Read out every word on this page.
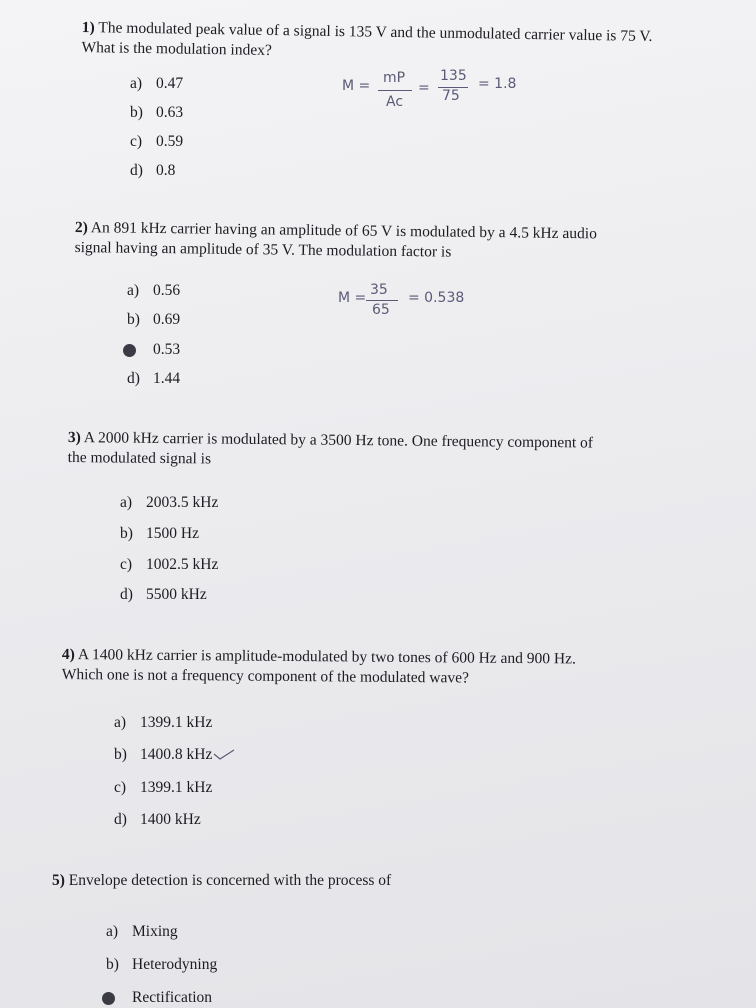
1) The modulated peak value of a signal is 135 V and the unmodulated carrier value is 75 V.
What is the modulation index?
a) 0.47
b) 0.63
c) 0.59
d) 0.8
M = mP
Ac
=
135
75
= 1.8
2) An 891 kHz carrier having an amplitude of 65 V is modulated by a 4.5 kHz audio
signal having an amplitude of 35 V. The modulation factor is
a) 0.56
b) 0.69
0.53
d) 1.44
M = 35
65
= 0.538
3) A 2000 kHz carrier is modulated by a 3500 Hz tone. One frequency component of
the modulated signal is
a) 2003.5 kHz
b) 1500 Hz
c) 1002.5 kHz
d) 5500 kHz
4) A 1400 kHz carrier is amplitude-modulated by two tones of 600 Hz and 900 Hz.
Which one is not a frequency component of the modulated wave?
a) 1399.1 kHz
b) 1400.8 kHz
c) 1399.1 kHz
d) 1400 kHz
5) Envelope detection is concerned with the process of
a) Mixing
b) Heterodyning
Rectification
